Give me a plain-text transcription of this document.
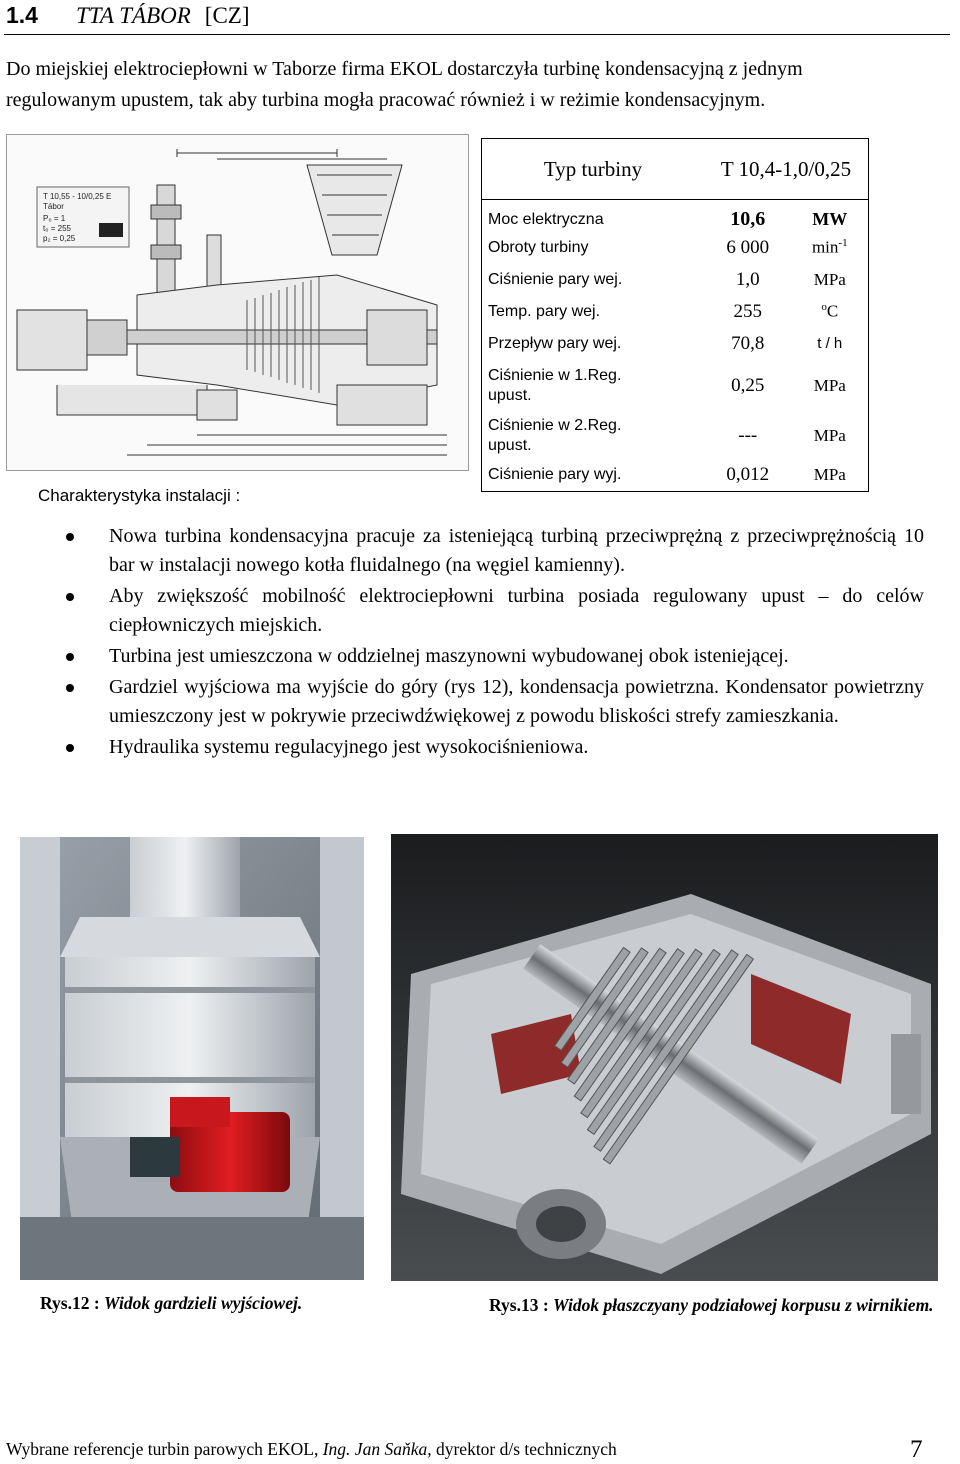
1.4 TTA TÁBOR [CZ]
Do miejskiej elektrociepłowni w Taborze firma EKOL dostarczyła turbinę kondensacyjną z jednym regulowanym upustem, tak aby turbina mogła pracować również i w reżimie kondensacyjnym.
T 10,55 - 10/0,25 E
Tábor
P₀ = 1
t₀ = 255
p₂ = 0,25
Charakterystyka instalacji :
Typ turbiny	T 10,4-1,0/0,25	
Moc elektryczna	10,6	MW
Obroty turbiny	6 000	$\min^{-1}$
Ciśnienie pary wej.	1,0	MPa
Temp. pary wej.	255	$^o$C
Przepływ pary wej.	70,8	t / h
Ciśnienie w 1.Reg. upust.	0,25	MPa
Ciśnienie w 2.Reg. upust.	---	MPa
Ciśnienie pary wyj.	0,012	MPa
Nowa turbina kondensacyjna pracuje za isteniejącą turbiną przeciwprężną z przeciwprężnością 10 bar w instalacji nowego kotła fluidalnego (na węgiel kamienny).
Aby zwiększość mobilność elektrociepłowni turbina posiada regulowany upust – do celów ciepłowniczych miejskich.
Turbina jest umieszczona w oddzielnej maszynowni wybudowanej obok isteniejącej.
Gardziel wyjściowa ma wyjście do góry (rys 12), kondensacja powietrzna. Kondensator powietrzny umieszczony jest w pokrywie przeciwdźwiękowej z powodu bliskości strefy zamieszkania.
Hydraulika systemu regulacyjnego jest wysokociśnieniowa.
Rys.12 : Widok gardzieli wyjściowej.	Rys.13 : Widok płaszczyany podziałowej korpusu z wirnikiem.
Wybrane referencje turbin parowych EKOL, Ing. Jan Saňka, dyrektor d/s technicznych	7
